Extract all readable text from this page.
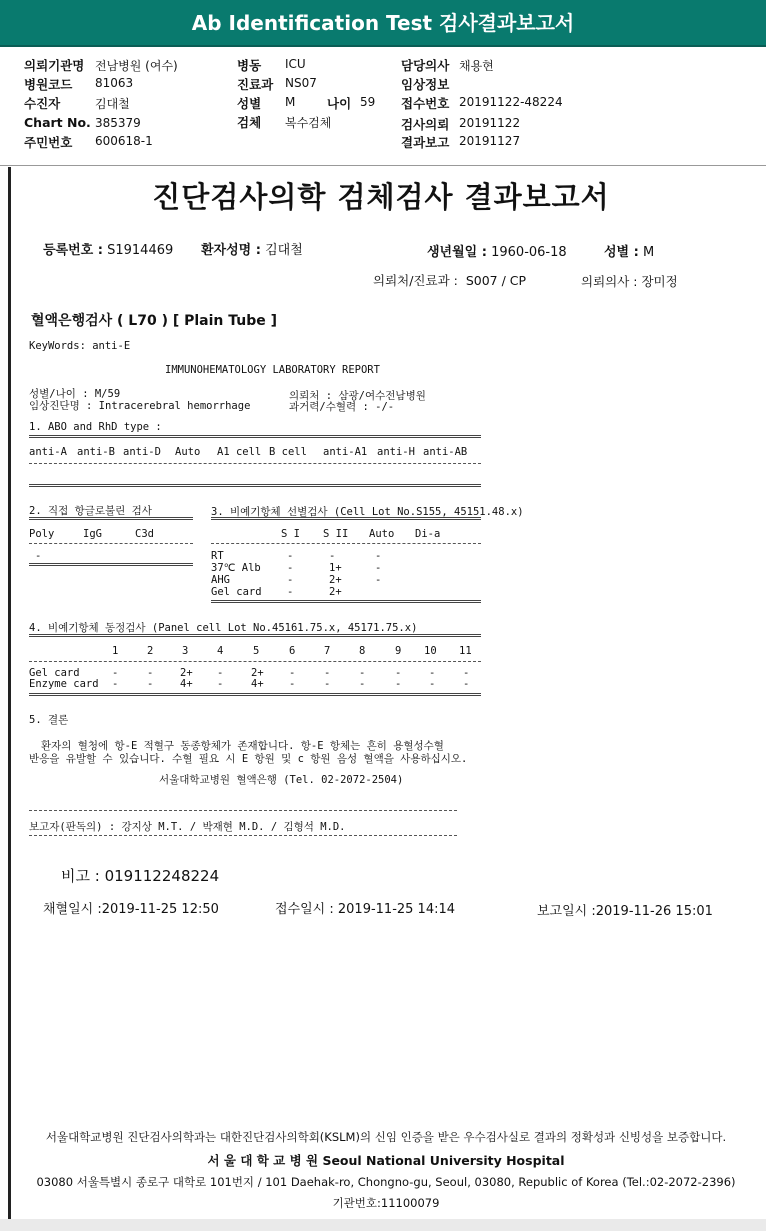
Ab Identification Test 검사결과보고서
의뢰기관명 전남병원 (여수)
병원코드 81063
수진자	김대철
Chart No. 385379
주민번호 600618-1
병동 ICU
진료과 NS07
성별 M	나이 59
검체 복수검체
담당의사 채용현
임상정보
접수번호 20191122-48224
검사의뢰 20191122
결과보고 20191127
진단검사의학 검체검사 결과보고서
등록번호 : S1914469 환자성명 : 김대철	생년월일 : 1960-06-18	성별 : M
의뢰처/진료과 : S007 / CP	의뢰의사 : 장미정
혈액은행검사 ( L70 ) [ Plain Tube ]
KeyWords: anti-E
IMMUNOHEMATOLOGY LABORATORY REPORT
성별/나이 : M/59
임상진단명 : Intracerebral hemorrhage
의뢰처 : 삼광/여수전남병원
과거력/수혈력 : -/-
1. ABO and RhD type :
anti-A anti-B anti-D Auto A1 cell B cell anti-A1 anti-H anti-AB
2. 직접 항글로불린 검사
Poly	IgG	C3d
-
3. 비예기항체 선별검사 (Cell Lot No.S155, 45151.48.x)
S I S II Auto Di-a
RT	-	-	-
37℃ Alb	-	1+	-
AHG	-	2+	-
Gel card -	2+
4. 비예기항체 동정검사 (Panel cell Lot No.45161.75.x, 45171.75.x)
1	2	3	4	5	6	7	8	9 10 11
Gel card	-	-	2+ -	2+ -	-	-	-	-	-
Enzyme card -	-	4+ -	4+ -	-	-	-	-	-
5. 결론
환자의 혈청에 항-E 적혈구 동종항체가 존재합니다. 항-E 항체는 흔히 용혈성수혈
반응을 유발할 수 있습니다. 수혈 필요 시 E 항원 및 c 항원 음성 혈액을 사용하십시오.
서울대학교병원 혈액은행 (Tel. 02-2072-2504)
보고자(판독의) : 강지상 M.T. / 박재현 M.D. / 김형석 M.D.
비고 : 019112248224
채혈일시 :2019-11-25 12:50	접수일시 : 2019-11-25 14:14	보고일시 :2019-11-26 15:01
서울대학교병원 진단검사의학과는 대한진단검사의학회(KSLM)의 신임 인증을 받은 우수검사실로 결과의 정확성과 신빙성을 보증합니다.
서 울 대 학 교 병 원 Seoul National University Hospital
03080 서울특별시 종로구 대학로 101번지 / 101 Daehak-ro, Chongno-gu, Seoul, 03080, Republic of Korea (Tel.:02-2072-2396)
기관번호:11100079
